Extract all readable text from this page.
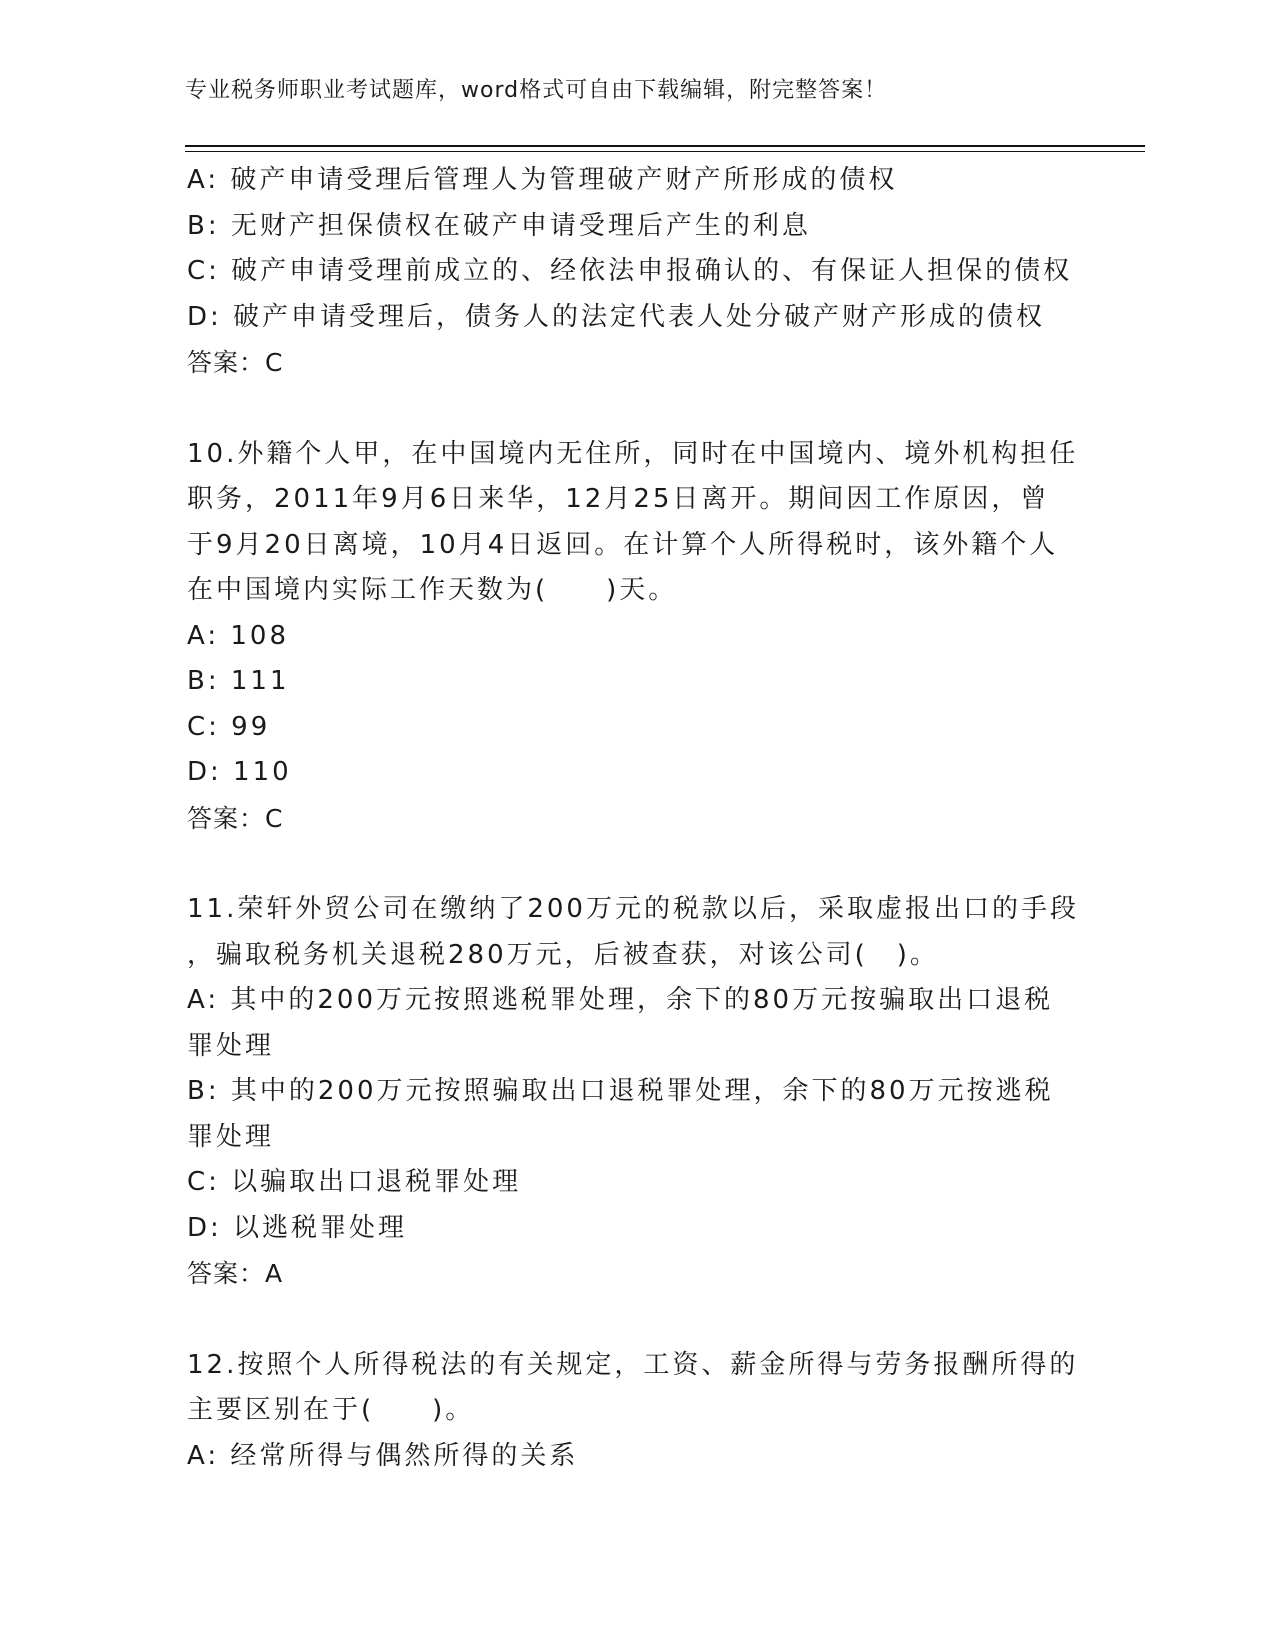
专业税务师职业考试题库，word格式可自由下载编辑，附完整答案！
A: 破产申请受理后管理人为管理破产财产所形成的债权
B: 无财产担保债权在破产申请受理后产生的利息
C: 破产申请受理前成立的、经依法申报确认的、有保证人担保的债权
D: 破产申请受理后，债务人的法定代表人处分破产财产形成的债权
答案：C
10.外籍个人甲，在中国境内无住所，同时在中国境内、境外机构担任
职务，2011年9月6日来华，12月25日离开。期间因工作原因，曾
于9月20日离境，10月4日返回。在计算个人所得税时，该外籍个人
在中国境内实际工作天数为(　　)天。
A: 108
B: 111
C: 99
D: 110
答案：C
11.荣轩外贸公司在缴纳了200万元的税款以后，采取虚报出口的手段
，骗取税务机关退税280万元，后被查获，对该公司(　)。
A: 其中的200万元按照逃税罪处理，余下的80万元按骗取出口退税
罪处理
B: 其中的200万元按照骗取出口退税罪处理，余下的80万元按逃税
罪处理
C: 以骗取出口退税罪处理
D: 以逃税罪处理
答案：A
12.按照个人所得税法的有关规定，工资、薪金所得与劳务报酬所得的
主要区别在于(　　)。
A: 经常所得与偶然所得的关系
